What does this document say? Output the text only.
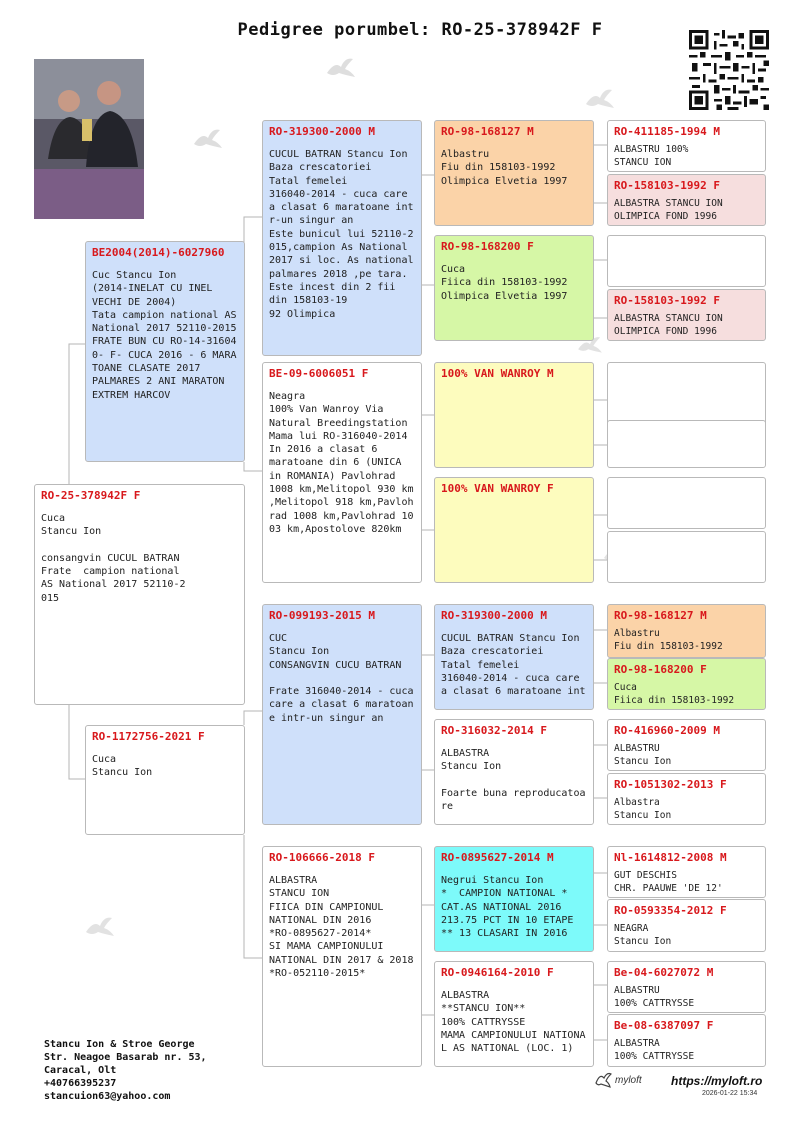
Pedigree porumbel: RO-25-378942F F
RO-25-378942F F
Cuca
Stancu Ion

consangvin CUCUL BATRAN
Frate  campion national
AS National 2017 52110-2
015
BE2004(2014)-6027960
Cuc Stancu Ion
(2014-INELAT CU INEL
VECHI DE 2004)
Tata campion national AS
National 2017 52110-2015
FRATE BUN CU RO-14-31604
0- F- CUCA 2016 - 6 MARA
TOANE CLASATE 2017
PALMARES 2 ANI MARATON
EXTREM HARCOV
RO-1172756-2021 F
Cuca
Stancu Ion
RO-319300-2000 M
CUCUL BATRAN Stancu Ion
Baza crescatoriei
Tatal femelei
316040-2014 - cuca care
a clasat 6 maratoane int
r-un singur an
Este bunicul lui 52110-2
015,campion As National
2017 si loc. As national
palmares 2018 ,pe tara.
Este incest din 2 fii
din 158103-19
92 Olimpica
BE-09-6006051 F
Neagra
100% Van Wanroy Via
Natural Breedingstation
Mama lui RO-316040-2014
In 2016 a clasat 6
maratoane din 6 (UNICA
in ROMANIA) Pavlohrad
1008 km,Melitopol 930 km
,Melitopol 918 km,Pavloh
rad 1008 km,Pavlohrad 10
03 km,Apostolove 820km
RO-099193-2015 M
CUC
Stancu Ion
CONSANGVIN CUCU BATRAN

Frate 316040-2014 - cuca
care a clasat 6 maratoan
e intr-un singur an
RO-106666-2018 F
ALBASTRA
STANCU ION
FIICA DIN CAMPIONUL
NATIONAL DIN 2016
*RO-0895627-2014*
SI MAMA CAMPIONULUI
NATIONAL DIN 2017 & 2018
*RO-052110-2015*
RO-98-168127 M
Albastru
Fiu din 158103-1992
Olimpica Elvetia 1997
RO-98-168200 F
Cuca
Fiica din 158103-1992
Olimpica Elvetia 1997
100% VAN WANROY M
100% VAN WANROY F
RO-319300-2000 M
CUCUL BATRAN Stancu Ion
Baza crescatoriei
Tatal femelei
316040-2014 - cuca care
a clasat 6 maratoane int
RO-316032-2014 F
ALBASTRA
Stancu Ion

Foarte buna reproducatoa
re
RO-0895627-2014 M
Negrui Stancu Ion
*  CAMPION NATIONAL *
CAT.AS NATIONAL 2016
213.75 PCT IN 10 ETAPE
** 13 CLASARI IN 2016
RO-0946164-2010 F
ALBASTRA
**STANCU ION**
100% CATTRYSSE
MAMA CAMPIONULUI NATIONA
L AS NATIONAL (LOC. 1)
RO-411185-1994 M
ALBASTRU 100%
STANCU ION
RO-158103-1992 F
ALBASTRA STANCU ION
OLIMPICA FOND 1996
RO-158103-1992 F
ALBASTRA STANCU ION
OLIMPICA FOND 1996
RO-98-168127 M
Albastru
Fiu din 158103-1992
RO-98-168200 F
Cuca
Fiica din 158103-1992
RO-416960-2009 M
ALBASTRU
Stancu Ion
RO-1051302-2013 F
Albastra
Stancu Ion
Nl-1614812-2008 M
GUT DESCHIS
CHR. PAAUWE 'DE 12'
RO-0593354-2012 F
NEAGRA
Stancu Ion
Be-04-6027072 M
ALBASTRU
100% CATTRYSSE
Be-08-6387097 F
ALBASTRA
100% CATTRYSSE
Stancu Ion & Stroe George
Str. Neagoe Basarab nr. 53,
Caracal, Olt
+40766395237
stancuion63@yahoo.com
myloft https://myloft.ro
2026-01-22 15:34
